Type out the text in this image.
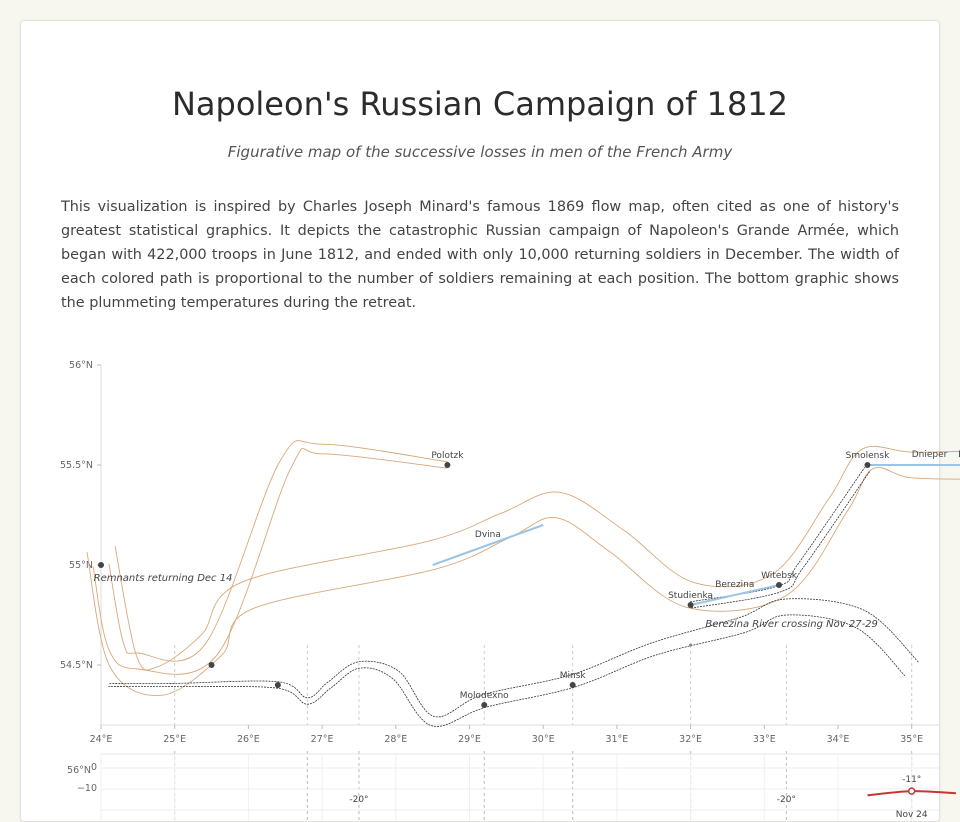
Napoleon's Russian Campaign of 1812
Figurative map of the successive losses in men of the French Army

This visualization is inspired by Charles Joseph Minard's famous 1869 flow map, often cited as one of history's greatest statistical graphics. It depicts the catastrophic Russian campaign of Napoleon's Grande Armée, which began with 422,000 troops in June 1812, and ended with only 10,000 returning soldiers in December. The width of each colored path is proportional to the number of soldiers remaining at each position. The bottom graphic shows the plummeting temperatures during the retreat.

54.5°N
55°N
55.5°N
56°N
24°E	25°E	26°E	27°E	28°E	29°E	30°E	31°E	32°E	33°E	34°E	35°E
Dvina
Berezina
Polotzk	Smolensk
Witebsk
Studienka
Minsk
Molodexno
Remnants returning Dec 14
Berezina River crossing Nov 27-29
Dnieper
56°N 0
−10
-20°	-20°
-11°
Nov 24
